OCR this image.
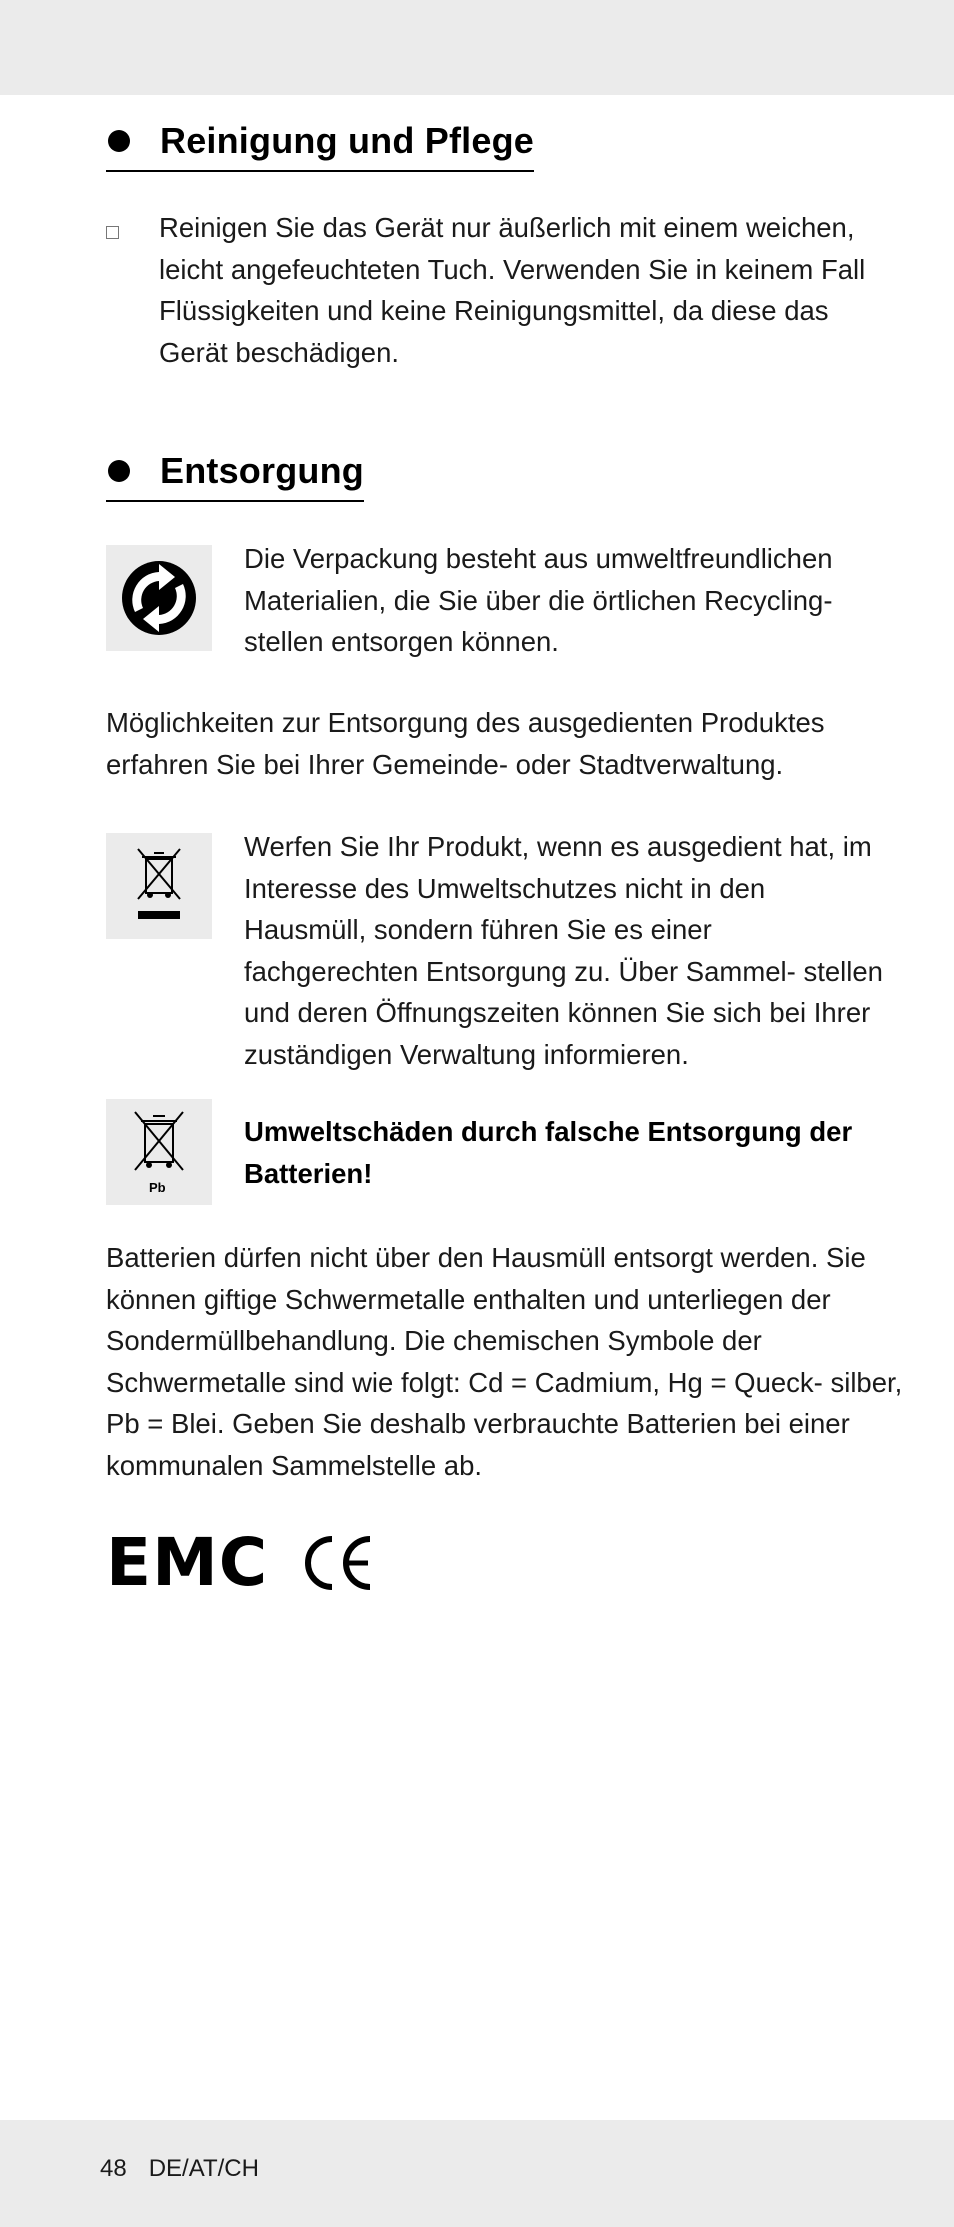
Reinigung und Pflege

Reinigen Sie das Gerät nur äußerlich mit einem weichen, leicht angefeuchteten Tuch. Verwenden Sie in keinem Fall Flüssigkeiten und keine Reinigungsmittel, da diese das Gerät beschädigen.

Entsorgung

Die Verpackung besteht aus umweltfreundlichen Materialien, die Sie über die örtlichen Recycling- stellen entsorgen können.

Möglichkeiten zur Entsorgung des ausgedienten Produktes erfahren Sie bei Ihrer Gemeinde- oder Stadtverwaltung.

Werfen Sie Ihr Produkt, wenn es ausgedient hat, im Interesse des Umweltschutzes nicht in den Hausmüll, sondern führen Sie es einer fachgerechten Entsorgung zu. Über Sammel- stellen und deren Öffnungszeiten können Sie sich bei Ihrer zuständigen Verwaltung informieren.

Pb

Umweltschäden durch falsche Entsorgung der Batterien!

Batterien dürfen nicht über den Hausmüll entsorgt werden. Sie können giftige Schwermetalle enthalten und unterliegen der Sondermüllbehandlung. Die chemischen Symbole der Schwermetalle sind wie folgt: Cd = Cadmium, Hg = Queck- silber, Pb = Blei. Geben Sie deshalb verbrauchte Batterien bei einer kommunalen Sammelstelle ab.

EMC
48 DE/AT/CH
